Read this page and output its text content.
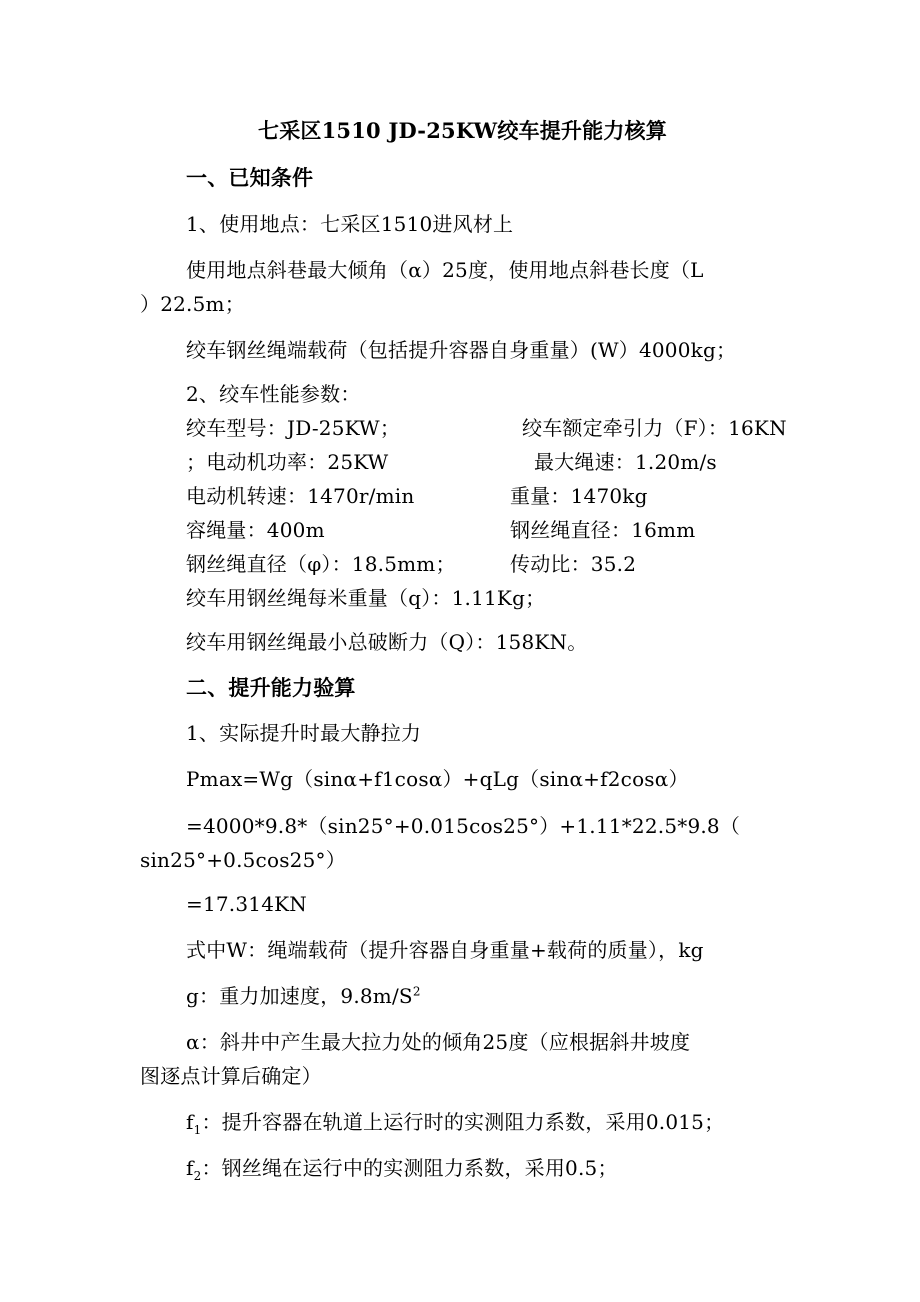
七采区1510 JD-25KW绞车提升能力核算
一、已知条件
1、使用地点：七采区1510进风材上
使用地点斜巷最大倾角（α）25度，使用地点斜巷长度（L
）22.5m；
绞车钢丝绳端载荷（包括提升容器自身重量）(W）4000kg；
2、绞车性能参数：
绞车型号：JD-25KW；	绞车额定牵引力（F）：16KN
；电动机功率：25KW	最大绳速：1.20m/s
电动机转速：1470r/min	重量：1470kg
容绳量：400m	钢丝绳直径：16mm
钢丝绳直径（φ）：18.5mm；	传动比：35.2
绞车用钢丝绳每米重量（q）：1.11Kg；
绞车用钢丝绳最小总破断力（Q）：158KN。
二、提升能力验算
1、实际提升时最大静拉力
Pmax=Wg（sinα+f1cosα）+qLg（sinα+f2cosα）
=4000*9.8*（sin25°+0.015cos25°）+1.11*22.5*9.8（
sin25°+0.5cos25°）
=17.314KN
式中W：绳端载荷（提升容器自身重量+载荷的质量），kg
g：重力加速度，$9.8m/S^2$
α：斜井中产生最大拉力处的倾角25度（应根据斜井坡度
图逐点计算后确定）
$f_1$：提升容器在轨道上运行时的实测阻力系数，采用0.015；
$f_2$：钢丝绳在运行中的实测阻力系数，采用0.5；
